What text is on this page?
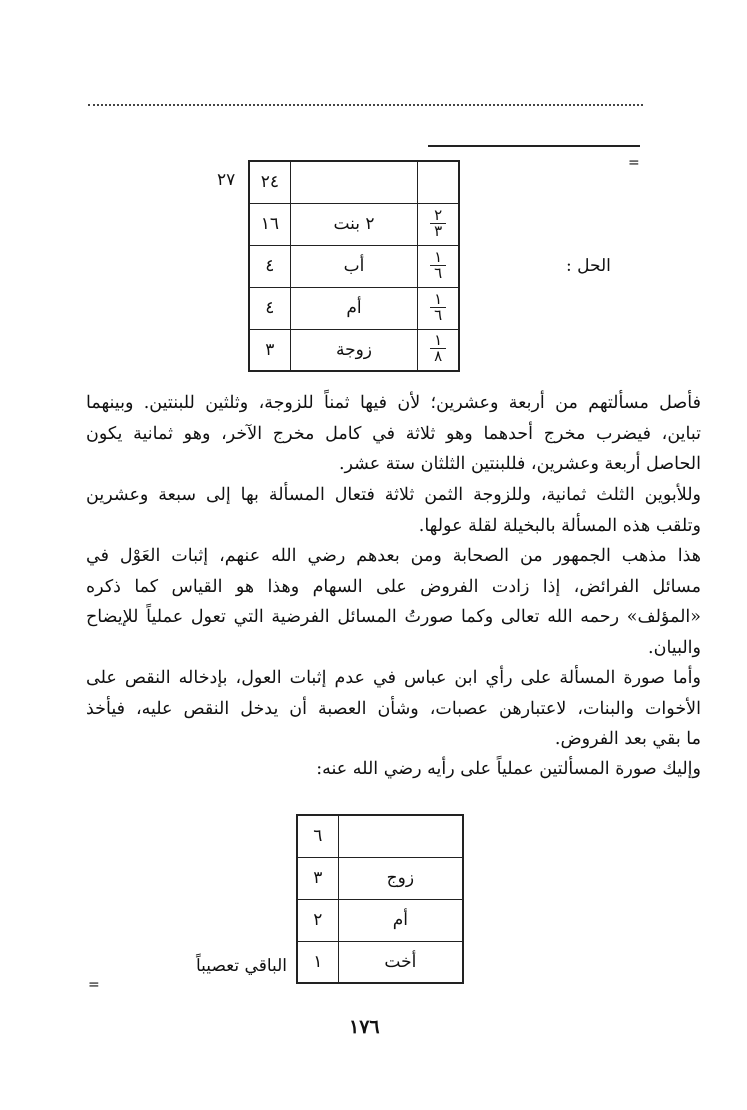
=
٢٧
الحل :
٢٤		
١٦	٢ بنت	$\frac{٢}{٣}$

٤	أب	$\frac{١}{٦}$

٤	أم	$\frac{١}{٦}$

٣	زوجة	$\frac{١}{٨}$
فأصل مسألتهم من أربعة وعشرين؛ لأن فيها ثمناً للزوجة، وثلثين للبنتين. وبينهما
تباين، فيضرب مخرج أحدهما وهو ثلاثة في كامل مخرج الآخر، وهو ثمانية يكون
الحاصل أربعة وعشرين، فللبنتين الثلثان ستة عشر.
وللأبوين الثلث ثمانية، وللزوجة الثمن ثلاثة فتعال المسألة بها إلى سبعة وعشرين
وتلقب هذه المسألة بالبخيلة لقلة عولها.
هذا مذهب الجمهور من الصحابة ومن بعدهم رضي الله عنهم، إثبات العَوْل في
مسائل الفرائض، إذا زادت الفروض على السهام وهذا هو القياس كما ذكره
«المؤلف» رحمه الله تعالى وكما صورتُ المسائل الفرضية التي تعول عملياً للإيضاح
والبيان.
وأما صورة المسألة على رأي ابن عباس في عدم إثبات العول، بإدخاله النقص على
الأخوات والبنات، لاعتبارهن عصبات، وشأن العصبة أن يدخل النقص عليه، فيأخذ
ما بقي بعد الفروض.
وإليك صورة المسألتين عملياً على رأيه رضي الله عنه:
٦	
٣	زوج
٢	أم
١	أخت
الباقي تعصيباً
=
١٧٦
